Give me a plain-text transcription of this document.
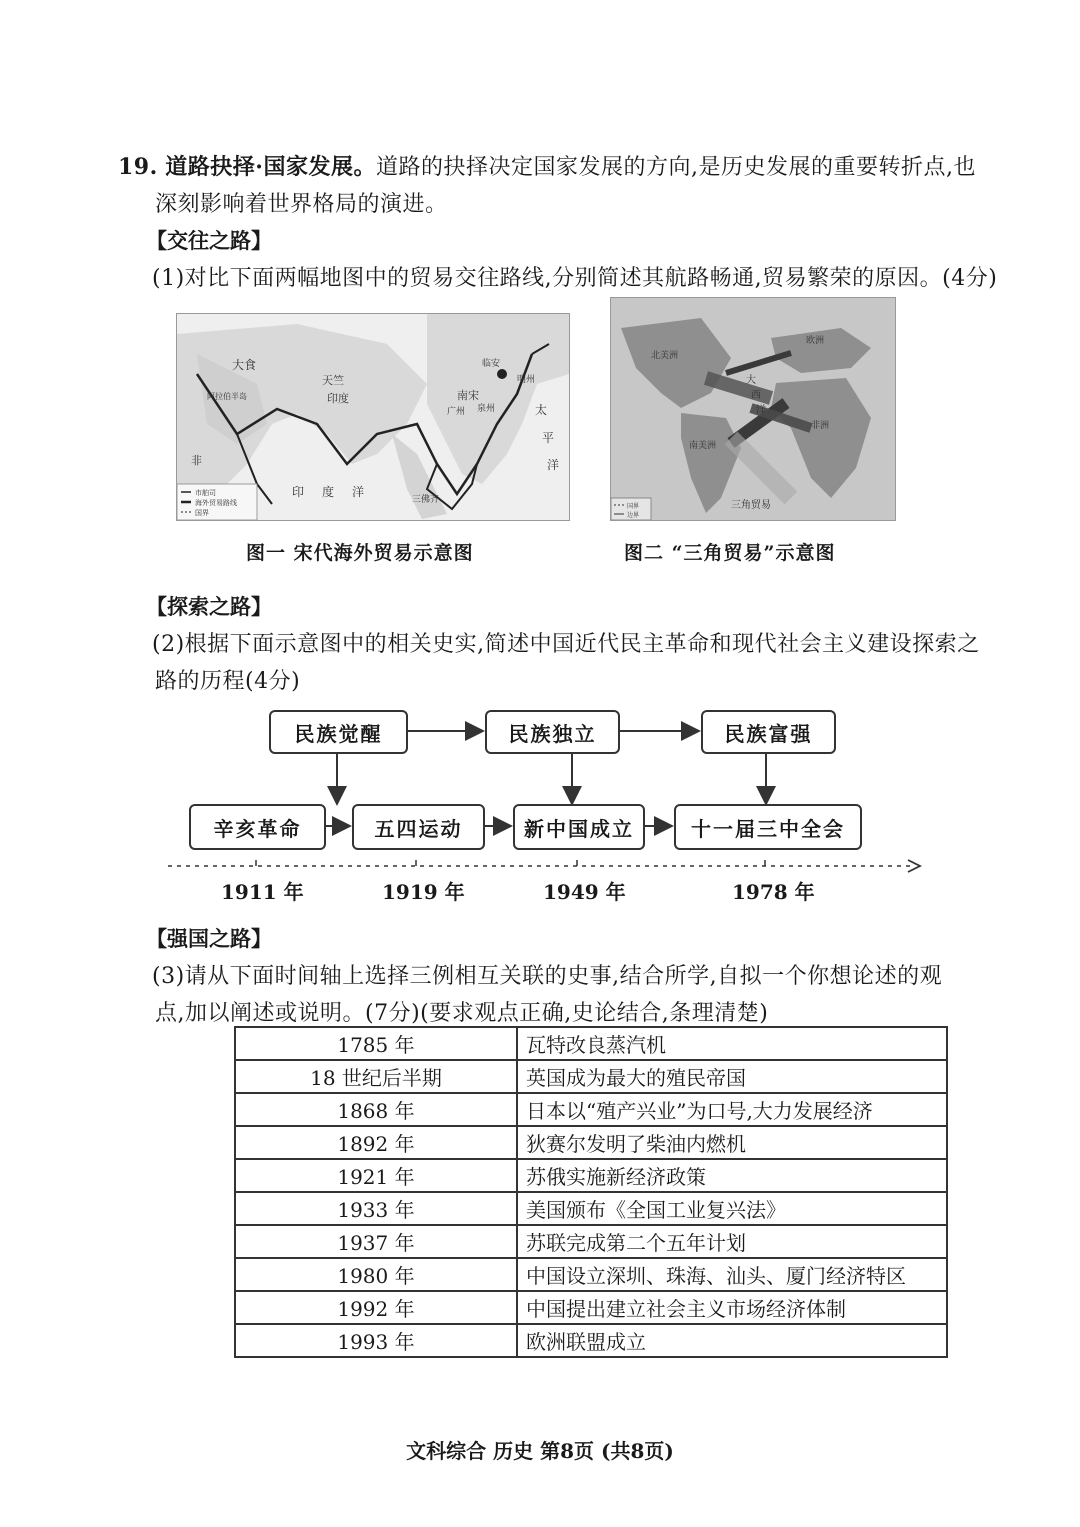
19. 道路抉择·国家发展。道路的抉择决定国家发展的方向,是历史发展的重要转折点,也
深刻影响着世界格局的演进。
【交往之路】
(1)对比下面两幅地图中的贸易交往路线,分别简述其航路畅通,贸易繁荣的原因。(4分)
大食
阿拉伯半岛
天竺
印度	南宋
临安
明州
泉州
广州	太
平
洋
印 度 洋
三佛齐
非
市舶司
海外贸易路线
国界
北美洲
欧洲
非洲
南美洲
大
西
洋
三角贸易
国界
边界
图一 宋代海外贸易示意图	图二 “三角贸易”示意图
【探索之路】
(2)根据下面示意图中的相关史实,简述中国近代民主革命和现代社会主义建设探索之
路的历程(4分)
民族觉醒	民族独立	民族富强
辛亥革命	五四运动	新中国成立	十一届三中全会
1911 年	1919 年	1949 年	1978 年
【强国之路】
(3)请从下面时间轴上选择三例相互关联的史事,结合所学,自拟一个你想论述的观
点,加以阐述或说明。(7分)(要求观点正确,史论结合,条理清楚)
1785 年	瓦特改良蒸汽机
18 世纪后半期	英国成为最大的殖民帝国
1868 年	日本以“殖产兴业”为口号,大力发展经济
1892 年	狄赛尔发明了柴油内燃机
1921 年	苏俄实施新经济政策
1933 年	美国颁布《全国工业复兴法》
1937 年	苏联完成第二个五年计划
1980 年	中国设立深圳、珠海、汕头、厦门经济特区
1992 年	中国提出建立社会主义市场经济体制
1993 年	欧洲联盟成立
文科综合 历史 第8页 (共8页)
